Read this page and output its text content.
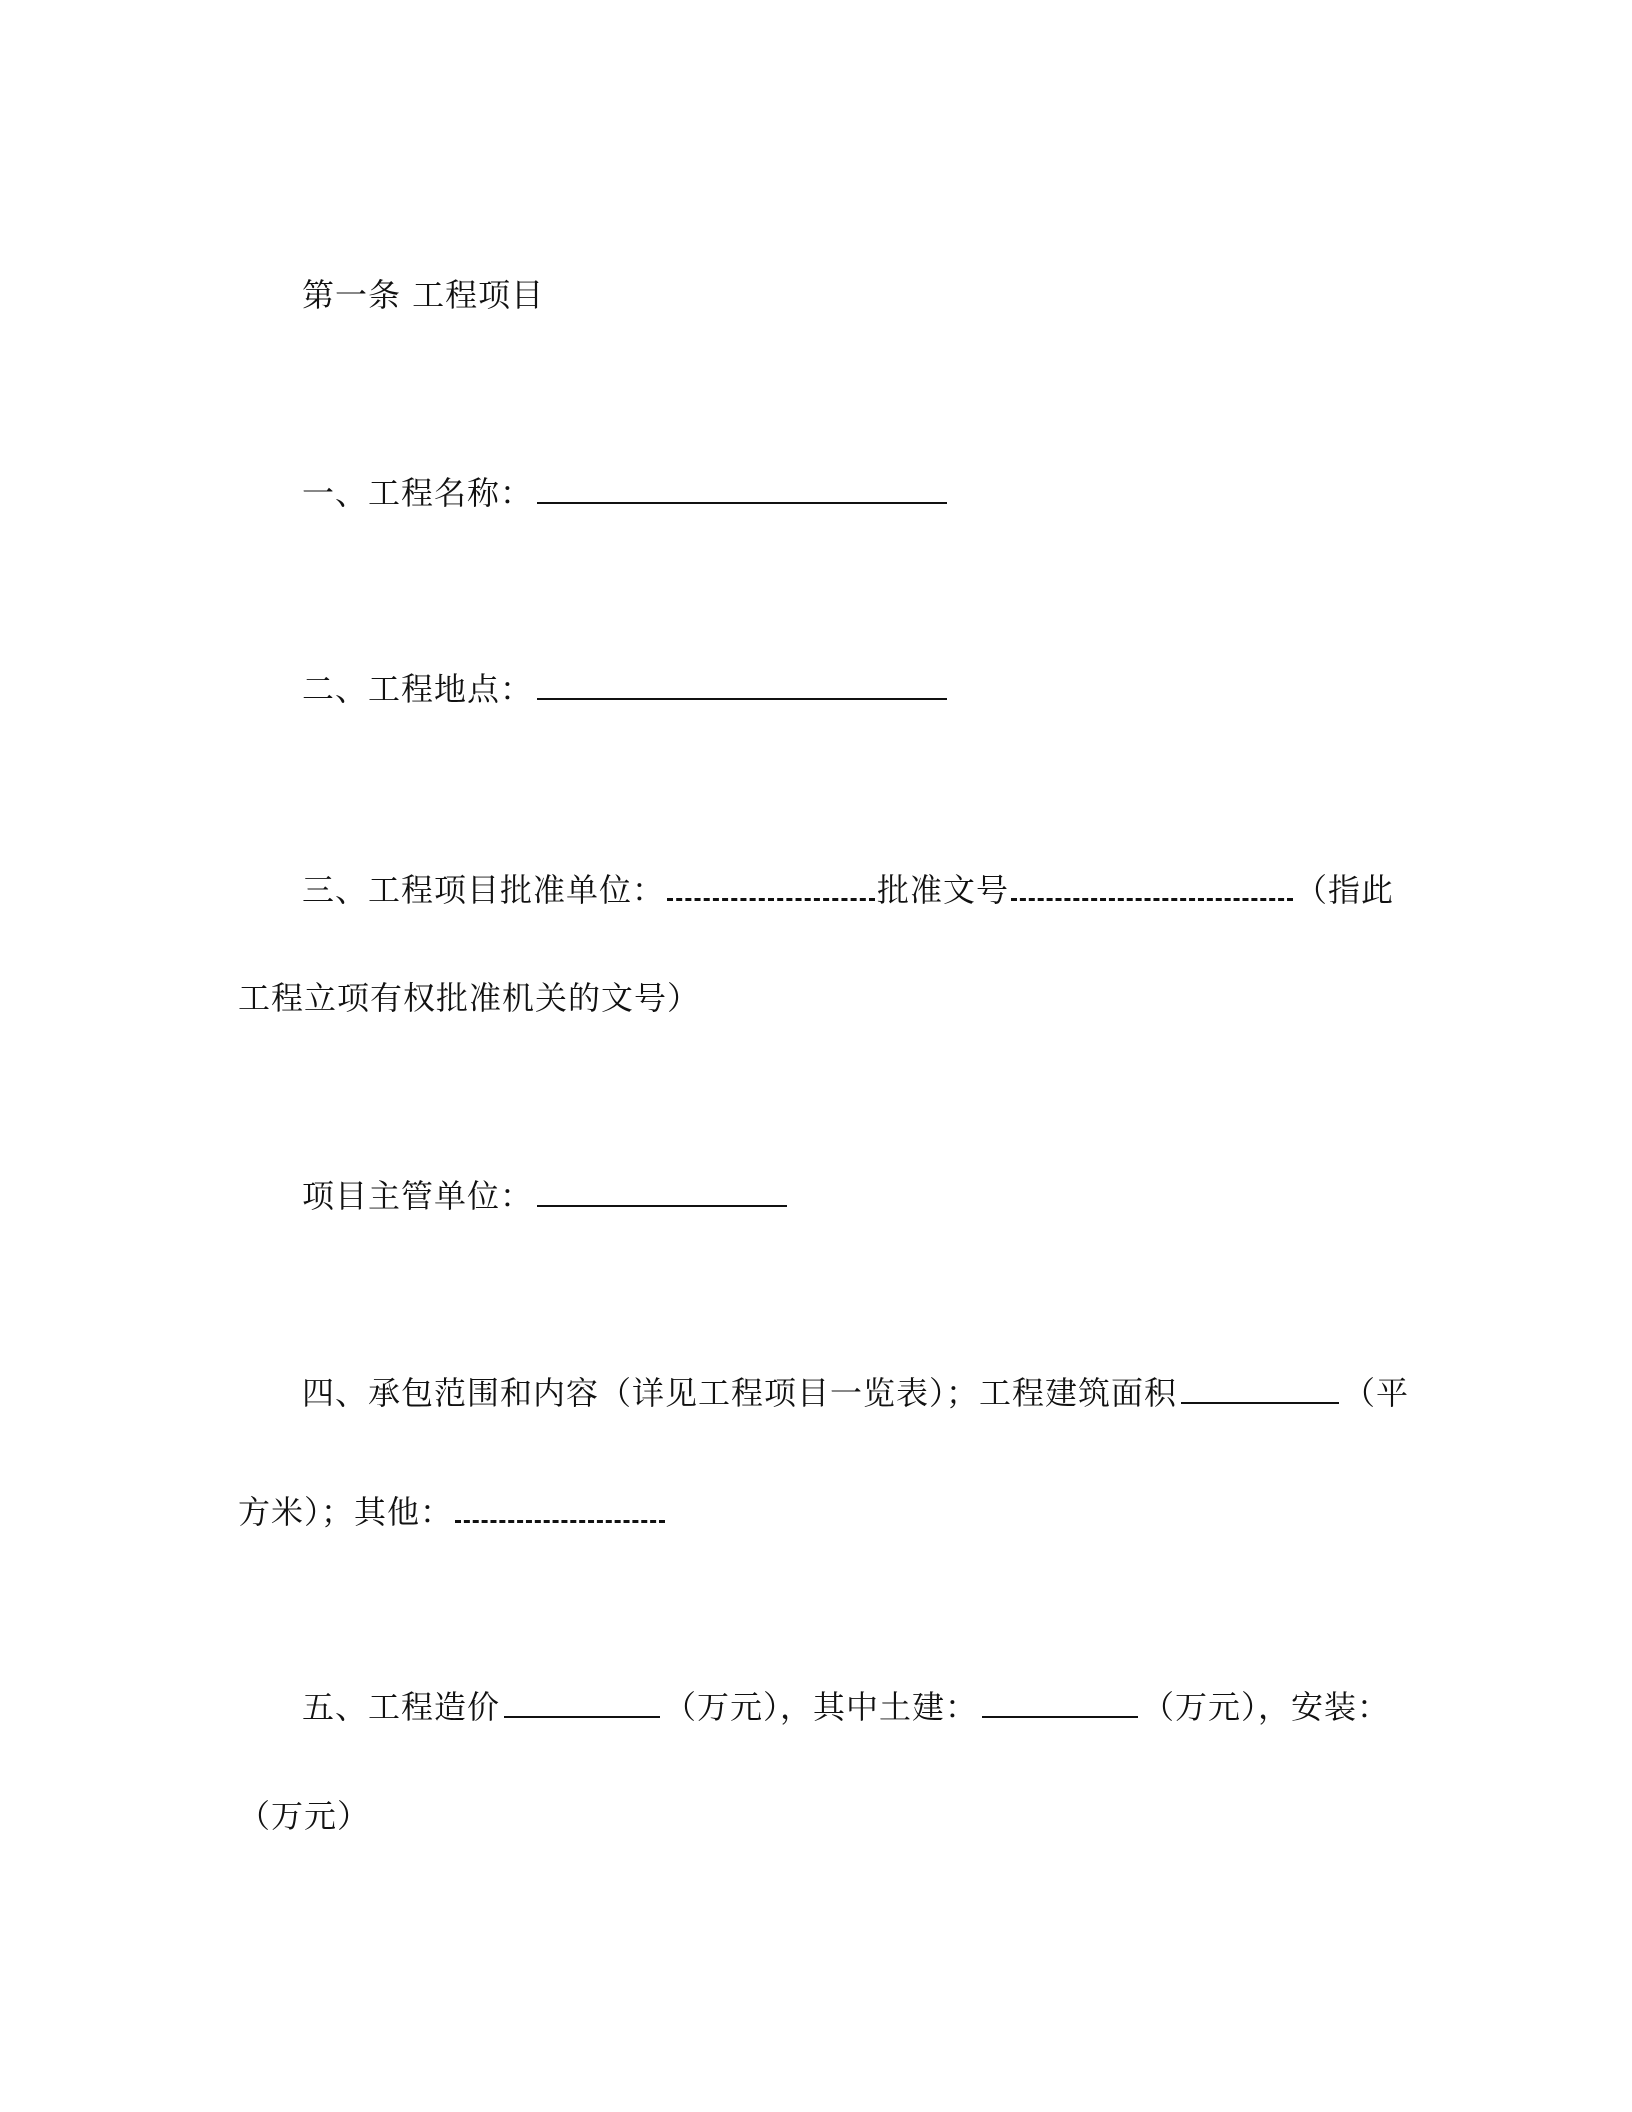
第一条 工程项目
一、工程名称：
二、工程地点：
三、工程项目批准单位：	批准文号	（指此
工程立项有权批准机关的文号）
项目主管单位：
四、承包范围和内容（详见工程项目一览表）；工程建筑面积	（平
方米）；其他：
五、工程造价	（万元），其中土建：	（万元），安装：
（万元）
